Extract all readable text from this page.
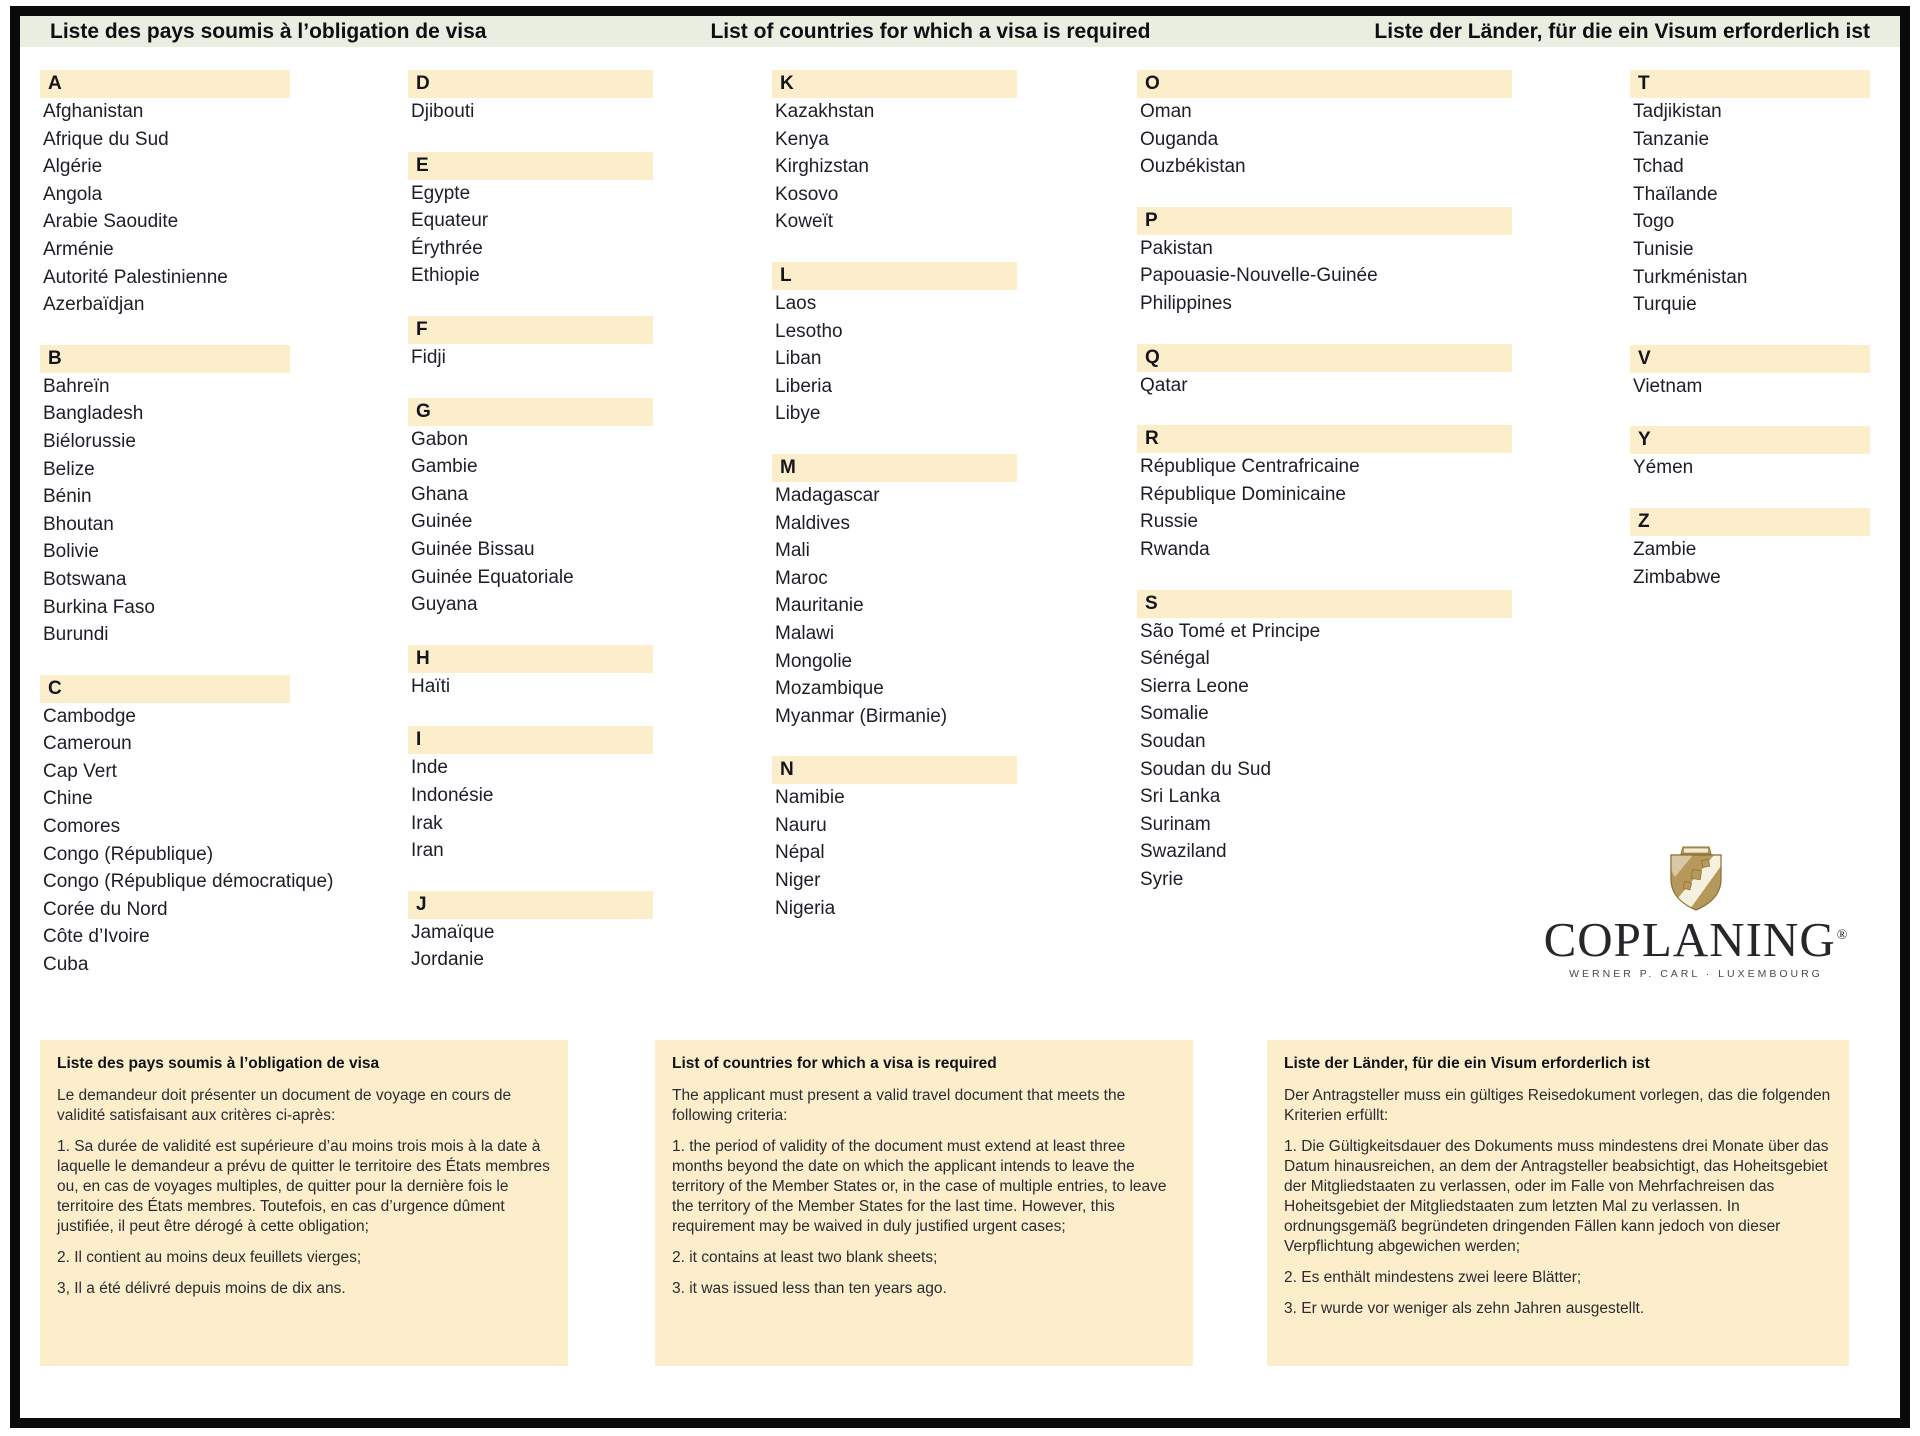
Liste des pays soumis à l’obligation de visa	List of countries for which a visa is required	Liste der Länder, für die ein Visum erforderlich ist
A
Afghanistan
Afrique du Sud
Algérie
Angola
Arabie Saoudite
Arménie
Autorité Palestinienne
Azerbaïdjan
B
Bahreïn
Bangladesh
Biélorussie
Belize
Bénin
Bhoutan
Bolivie
Botswana
Burkina Faso
Burundi
C
Cambodge
Cameroun
Cap Vert
Chine
Comores
Congo (République)
Congo (République démocratique)
Corée du Nord
Côte d’Ivoire
Cuba
D
Djibouti
E
Egypte
Equateur
Érythrée
Ethiopie
F
Fidji
G
Gabon
Gambie
Ghana
Guinée
Guinée Bissau
Guinée Equatoriale
Guyana
H
Haïti
I
Inde
Indonésie
Irak
Iran
J
Jamaïque
Jordanie
K
Kazakhstan
Kenya
Kirghizstan
Kosovo
Koweït
L
Laos
Lesotho
Liban
Liberia
Libye
M
Madagascar
Maldives
Mali
Maroc
Mauritanie
Malawi
Mongolie
Mozambique
Myanmar (Birmanie)
N
Namibie
Nauru
Népal
Niger
Nigeria
O
Oman
Ouganda
Ouzbékistan
P
Pakistan
Papouasie-Nouvelle-Guinée
Philippines
Q
Qatar
R
République Centrafricaine
République Dominicaine
Russie
Rwanda
S
São Tomé et Principe
Sénégal
Sierra Leone
Somalie
Soudan
Soudan du Sud
Sri Lanka
Surinam
Swaziland
Syrie
T
Tadjikistan
Tanzanie
Tchad
Thaïlande
Togo
Tunisie
Turkménistan
Turquie
V
Vietnam
Y
Yémen
Z
Zambie
Zimbabwe
COPLANING®
WERNER P. CARL · LUXEMBOURG
Liste des pays soumis à l’obligation de visa

Le demandeur doit présenter un document de voyage en cours de validité satisfaisant aux critères ci-après:

1. Sa durée de validité est supérieure d’au moins trois mois à la date à laquelle le demandeur a prévu de quitter le territoire des États membres ou, en cas de voyages multiples, de quitter pour la dernière fois le territoire des États membres. Toutefois, en cas d’urgence dûment justifiée, il peut être dérogé à cette obligation;

2. Il contient au moins deux feuillets vierges;

3, Il a été délivré depuis moins de dix ans.

List of countries for which a visa is required

The applicant must present a valid travel document that meets the following criteria:

1. the period of validity of the document must extend at least three months beyond the date on which the applicant intends to leave the territory of the Member States or, in the case of multiple entries, to leave the territory of the Member States for the last time. However, this requirement may be waived in duly justified urgent cases;

2. it contains at least two blank sheets;

3. it was issued less than ten years ago.

Liste der Länder, für die ein Visum erforderlich ist

Der Antragsteller muss ein gültiges Reisedokument vorlegen, das die folgenden Kriterien erfüllt:

1. Die Gültigkeitsdauer des Dokuments muss mindestens drei Monate über das Datum hinausreichen, an dem der Antragsteller beabsichtigt, das Hoheitsgebiet der Mitgliedstaaten zu verlassen, oder im Falle von Mehrfachreisen das Hoheitsgebiet der Mitgliedstaaten zum letzten Mal zu verlassen. In ordnungsgemäß begründeten dringenden Fällen kann jedoch von dieser Verpflichtung abgewichen werden;

2. Es enthält mindestens zwei leere Blätter;

3. Er wurde vor weniger als zehn Jahren ausgestellt.
